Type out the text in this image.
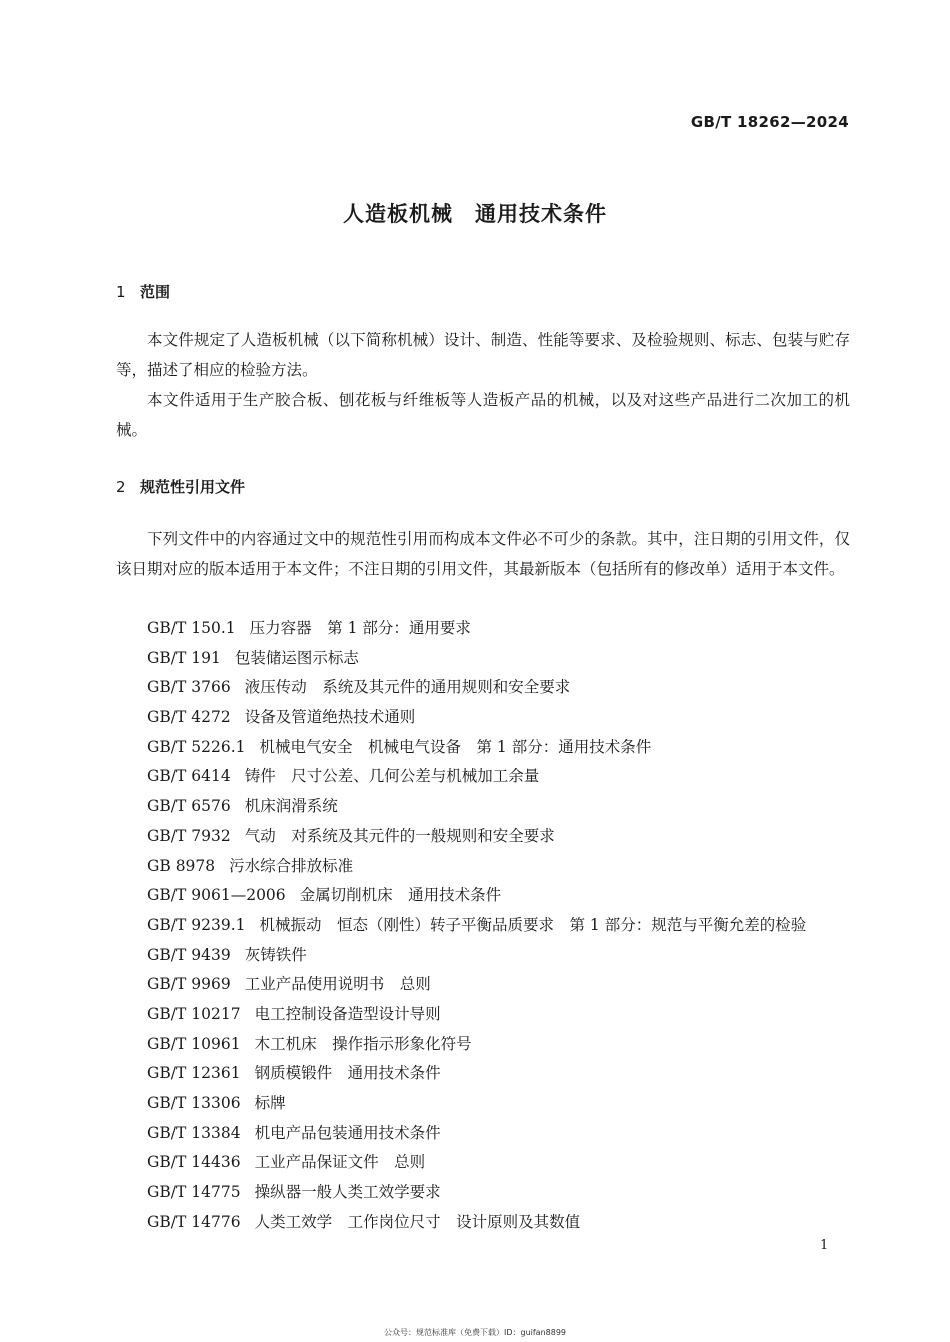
GB/T 18262—2024
人造板机械　通用技术条件
1 范围

本文件规定了人造板机械（以下简称机械）设计、制造、性能等要求、及检验规则、标志、包装与贮存等，描述了相应的检验方法。

本文件适用于生产胶合板、刨花板与纤维板等人造板产品的机械，以及对这些产品进行二次加工的机械。

2 规范性引用文件

下列文件中的内容通过文中的规范性引用而构成本文件必不可少的条款。其中，注日期的引用文件，仅该日期对应的版本适用于本文件；不注日期的引用文件，其最新版本（包括所有的修改单）适用于本文件。

GB/T 150.1 压力容器　第 1 部分：通用要求
GB/T 191 包装储运图示标志
GB/T 3766 液压传动　系统及其元件的通用规则和安全要求
GB/T 4272 设备及管道绝热技术通则
GB/T 5226.1 机械电气安全　机械电气设备　第 1 部分：通用技术条件
GB/T 6414 铸件　尺寸公差、几何公差与机械加工余量
GB/T 6576 机床润滑系统
GB/T 7932 气动　对系统及其元件的一般规则和安全要求
GB 8978 污水综合排放标准
GB/T 9061—2006 金属切削机床　通用技术条件
GB/T 9239.1 机械振动　恒态（刚性）转子平衡品质要求　第 1 部分：规范与平衡允差的检验
GB/T 9439 灰铸铁件
GB/T 9969 工业产品使用说明书　总则
GB/T 10217 电工控制设备造型设计导则
GB/T 10961 木工机床　操作指示形象化符号
GB/T 12361 钢质模锻件　通用技术条件
GB/T 13306 标牌
GB/T 13384 机电产品包装通用技术条件
GB/T 14436 工业产品保证文件　总则
GB/T 14775 操纵器一般人类工效学要求
GB/T 14776 人类工效学　工作岗位尺寸　设计原则及其数值
1
公众号：规范标准库（免费下载）ID：guifan8899
